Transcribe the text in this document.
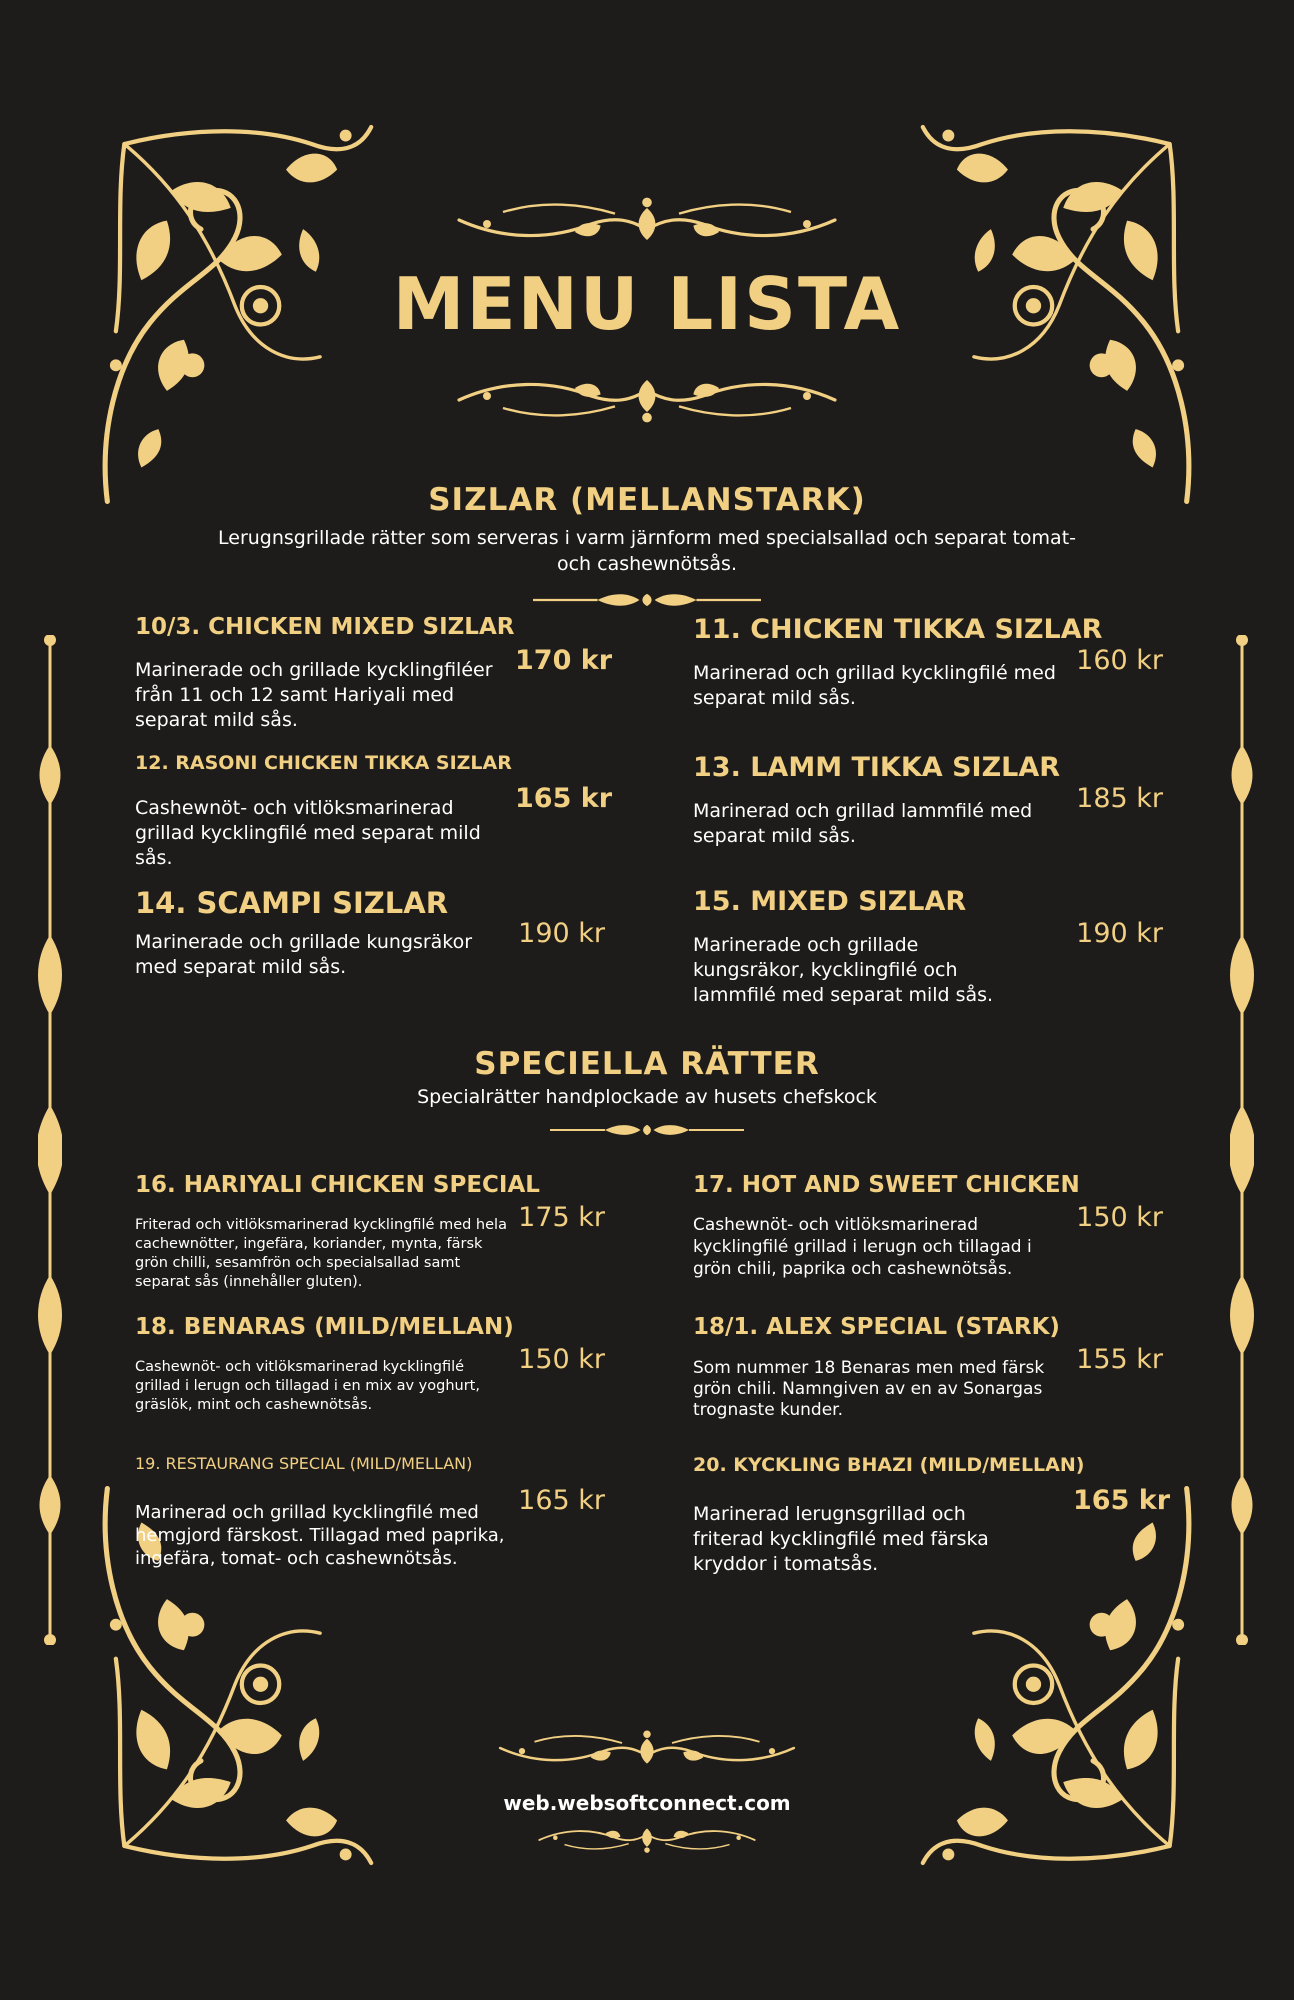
MENU LISTA
SIZLAR (MELLANSTARK)
Lerugnsgrillade rätter som serveras i varm järnform med specialsallad och separat tomat- och cashewnötsås.
10/3. CHICKEN MIXED SIZLAR
Marinerade och grillade kycklingfiléer från 11 och 12 samt Hariyali med separat mild sås.
170 kr
11. CHICKEN TIKKA SIZLAR
Marinerad och grillad kycklingfilé med separat mild sås.
160 kr
12. RASONI CHICKEN TIKKA SIZLAR
Cashewnöt- och vitlöksmarinerad grillad kycklingfilé med separat mild sås.
165 kr
13. LAMM TIKKA SIZLAR
Marinerad och grillad lammfilé med separat mild sås.
185 kr
14. SCAMPI SIZLAR
Marinerade och grillade kungsräkor med separat mild sås.
190 kr
15. MIXED SIZLAR
Marinerade och grillade kungsräkor, kycklingfilé och lammfilé med separat mild sås.
190 kr
SPECIELLA RÄTTER
Specialrätter handplockade av husets chefskock
16. HARIYALI CHICKEN SPECIAL
Friterad och vitlöksmarinerad kycklingfilé med hela cachewnötter, ingefära, koriander, mynta, färsk grön chilli, sesamfrön och specialsallad samt separat sås (innehåller gluten).
175 kr
17. HOT AND SWEET CHICKEN
Cashewnöt- och vitlöksmarinerad kycklingfilé grillad i lerugn och tillagad i grön chili, paprika och cashewnötsås.
150 kr
18. BENARAS (MILD/MELLAN)
Cashewnöt- och vitlöksmarinerad kycklingfilé grillad i lerugn och tillagad i en mix av yoghurt, gräslök, mint och cashewnötsås.
150 kr
18/1. ALEX SPECIAL (STARK)
Som nummer 18 Benaras men med färsk grön chili. Namngiven av en av Sonargas trognaste kunder.
155 kr
19. RESTAURANG SPECIAL (MILD/MELLAN)
Marinerad och grillad kycklingfilé med hemgjord färskost. Tillagad med paprika, ingefära, tomat- och cashewnötsås.
165 kr
20. KYCKLING BHAZI (MILD/MELLAN)
Marinerad lerugnsgrillad och friterad kycklingfilé med färska kryddor i tomatsås.
165 kr
web.websoftconnect.com
